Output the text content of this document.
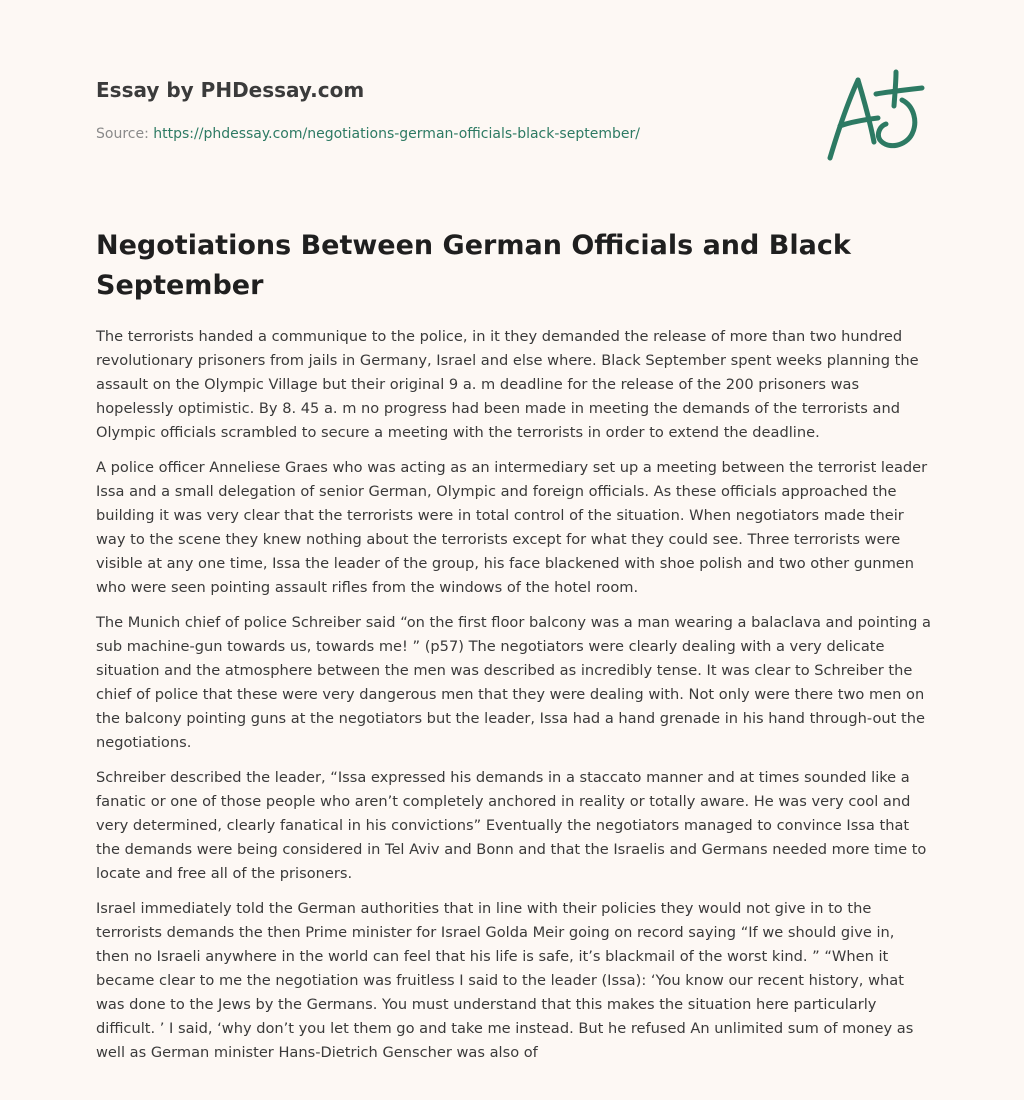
Essay by PHDessay.com
Source: https://phdessay.com/negotiations-german-officials-black-september/
Negotiations Between German Officials and Black September

The terrorists handed a communique to the police, in it they demanded the release of more than two hundred revolutionary prisoners from jails in Germany, Israel and else where. Black September spent weeks planning the assault on the Olympic Village but their original 9 a. m deadline for the release of the 200 prisoners was hopelessly optimistic. By 8. 45 a. m no progress had been made in meeting the demands of the terrorists and Olympic officials scrambled to secure a meeting with the terrorists in order to extend the deadline.

A police officer Anneliese Graes who was acting as an intermediary set up a meeting between the terrorist leader Issa and a small delegation of senior German, Olympic and foreign officials. As these officials approached the building it was very clear that the terrorists were in total control of the situation. When negotiators made their way to the scene they knew nothing about the terrorists except for what they could see. Three terrorists were visible at any one time, Issa the leader of the group, his face blackened with shoe polish and two other gunmen who were seen pointing assault rifles from the windows of the hotel room.

The Munich chief of police Schreiber said “on the first floor balcony was a man wearing a balaclava and pointing a sub machine-gun towards us, towards me! ” (p57) The negotiators were clearly dealing with a very delicate situation and the atmosphere between the men was described as incredibly tense. It was clear to Schreiber the chief of police that these were very dangerous men that they were dealing with. Not only were there two men on the balcony pointing guns at the negotiators but the leader, Issa had a hand grenade in his hand through-out the negotiations.

Schreiber described the leader, “Issa expressed his demands in a staccato manner and at times sounded like a fanatic or one of those people who aren’t completely anchored in reality or totally aware. He was very cool and very determined, clearly fanatical in his convictions” Eventually the negotiators managed to convince Issa that the demands were being considered in Tel Aviv and Bonn and that the Israelis and Germans needed more time to locate and free all of the prisoners.

Israel immediately told the German authorities that in line with their policies they would not give in to the terrorists demands the then Prime minister for Israel Golda Meir going on record saying “If we should give in, then no Israeli anywhere in the world can feel that his life is safe, it’s blackmail of the worst kind. ” “When it became clear to me the negotiation was fruitless I said to the leader (Issa): ‘You know our recent history, what was done to the Jews by the Germans. You must understand that this makes the situation here particularly difficult. ’ I said, ‘why don’t you let them go and take me instead. But he refused An unlimited sum of money as well as German minister Hans-Dietrich Genscher was also of
